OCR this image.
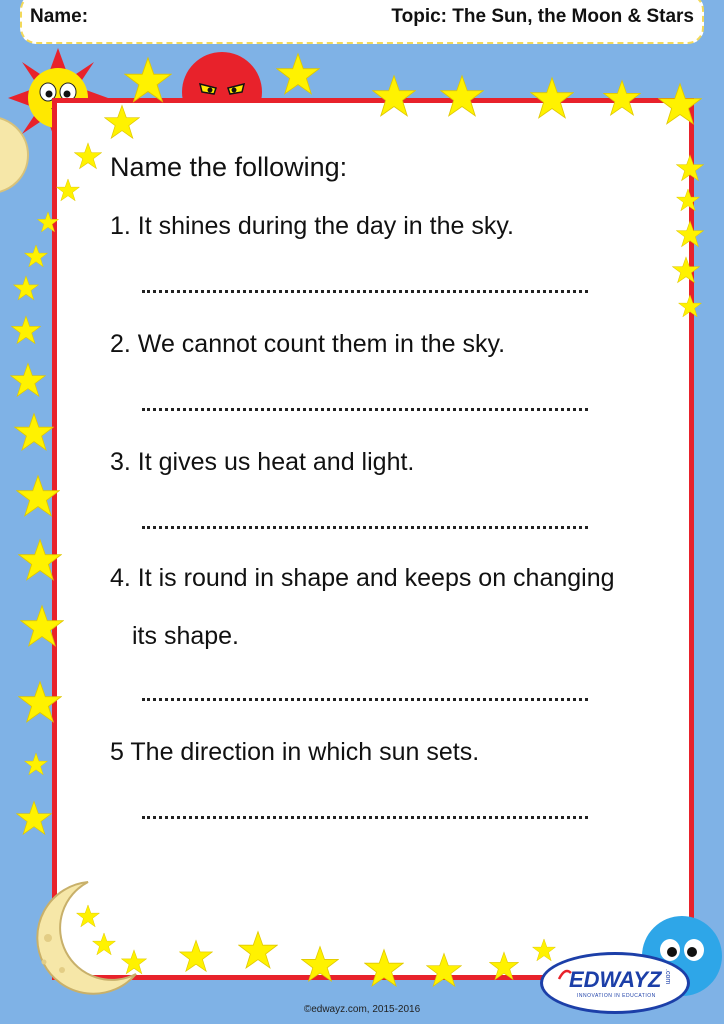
Name:	Topic: The Sun, the Moon & Stars
Name the following:
1. It shines during the day in the sky.
2. We cannot count them in the sky.
3. It gives us heat and light.
4. It is round in shape and keeps on changing
its shape.
5 The direction in which sun sets.
EDWAYZ
INNOVATION IN EDUCATION
.com
©edwayz.com, 2015-2016
